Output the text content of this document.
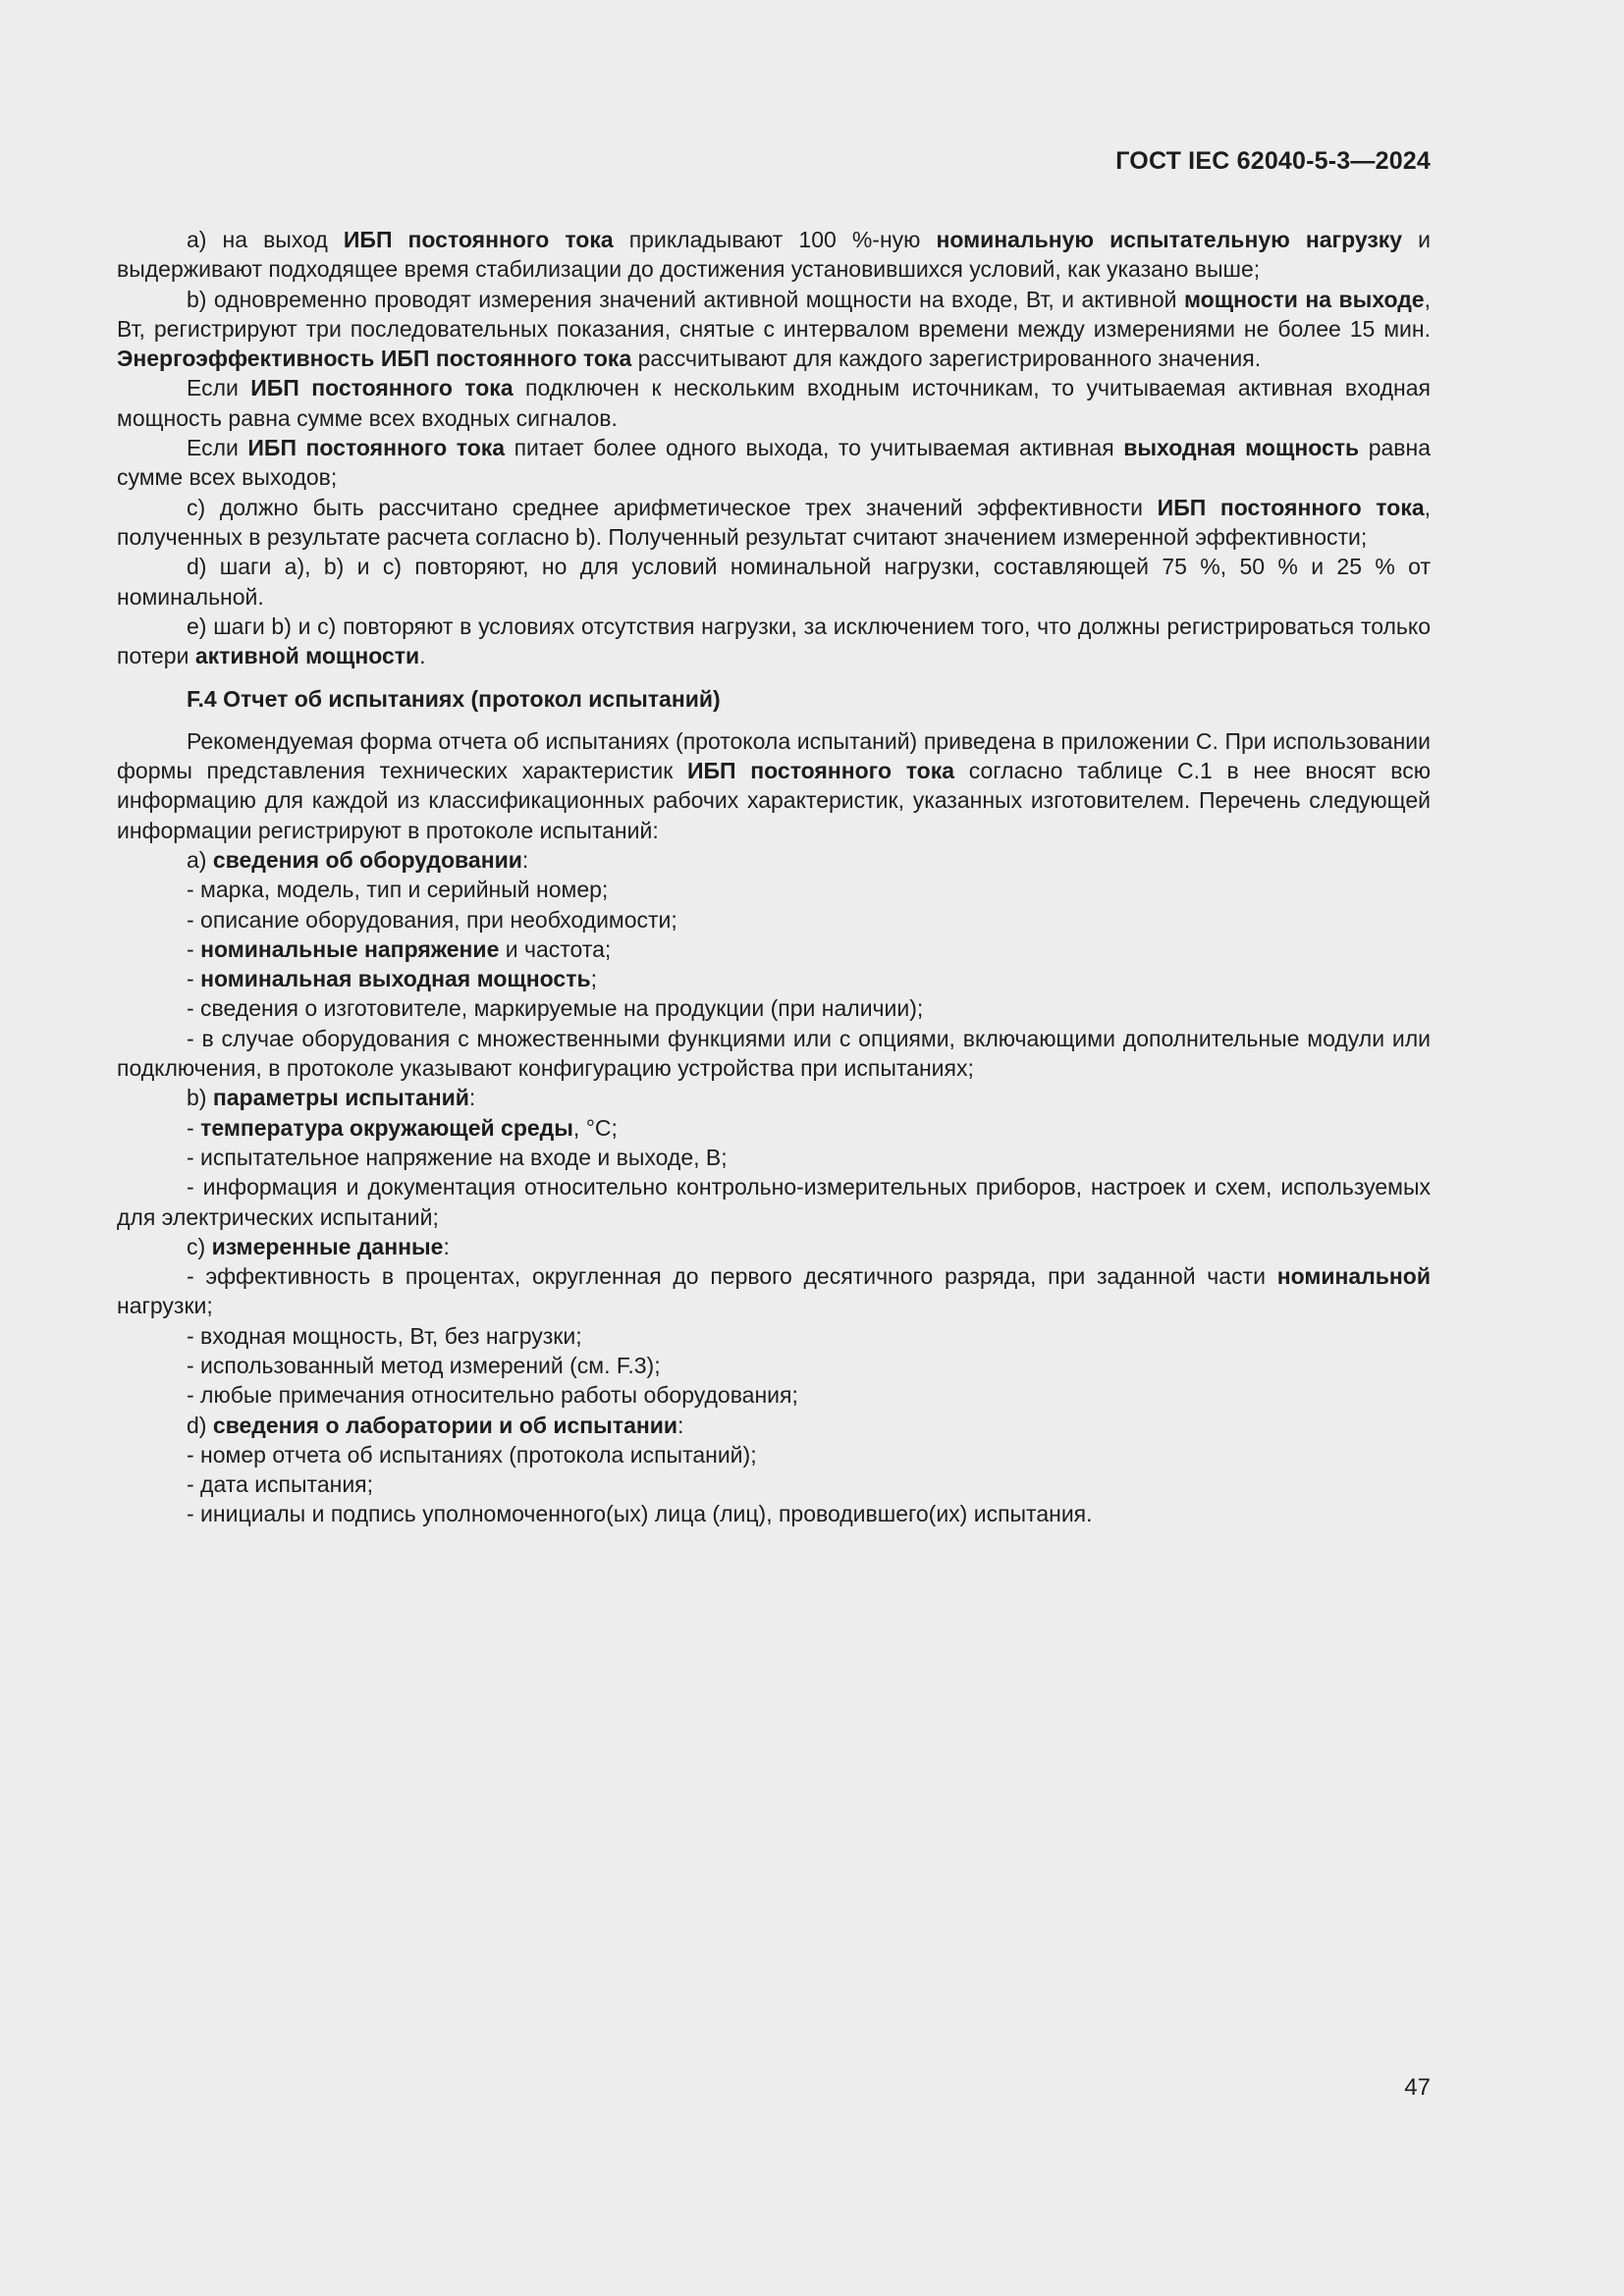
ГОСТ IEC 62040-5-3—2024

а) на выход ИБП постоянного тока прикладывают 100 %-ную номинальную испытательную нагрузку и выдерживают подходящее время стабилизации до достижения установившихся условий, как указано выше;

b) одновременно проводят измерения значений активной мощности на входе, Вт, и активной мощности на выходе, Вт, регистрируют три последовательных показания, снятые с интервалом времени между измерениями не более 15 мин. Энергоэффективность ИБП постоянного тока рассчитывают для каждого зарегистрированного значения.

Если ИБП постоянного тока подключен к нескольким входным источникам, то учитываемая активная входная мощность равна сумме всех входных сигналов.

Если ИБП постоянного тока питает более одного выхода, то учитываемая активная выходная мощность равна сумме всех выходов;

c) должно быть рассчитано среднее арифметическое трех значений эффективности ИБП постоянного тока, полученных в результате расчета согласно b). Полученный результат считают значением измеренной эффективности;

d) шаги a), b) и c) повторяют, но для условий номинальной нагрузки, составляющей 75 %, 50 % и 25 % от номинальной.

e) шаги b) и c) повторяют в условиях отсутствия нагрузки, за исключением того, что должны регистрироваться только потери активной мощности.

F.4 Отчет об испытаниях (протокол испытаний)

Рекомендуемая форма отчета об испытаниях (протокола испытаний) приведена в приложении С. При использовании формы представления технических характеристик ИБП постоянного тока согласно таблице С.1 в нее вносят всю информацию для каждой из классификационных рабочих характеристик, указанных изготовителем. Перечень следующей информации регистрируют в протоколе испытаний:

a) сведения об оборудовании:

- марка, модель, тип и серийный номер;

- описание оборудования, при необходимости;

- номинальные напряжение и частота;

- номинальная выходная мощность;

- сведения о изготовителе, маркируемые на продукции (при наличии);

- в случае оборудования с множественными функциями или с опциями, включающими дополнительные модули или подключения, в протоколе указывают конфигурацию устройства при испытаниях;

b) параметры испытаний:

- температура окружающей среды, °С;

- испытательное напряжение на входе и выходе, В;

- информация и документация относительно контрольно-измерительных приборов, настроек и схем, используемых для электрических испытаний;

c) измеренные данные:

- эффективность в процентах, округленная до первого десятичного разряда, при заданной части номинальной нагрузки;

- входная мощность, Вт, без нагрузки;

- использованный метод измерений (см. F.3);

- любые примечания относительно работы оборудования;

d) сведения о лаборатории и об испытании:

- номер отчета об испытаниях (протокола испытаний);

- дата испытания;

- инициалы и подпись уполномоченного(ых) лица (лиц), проводившего(их) испытания.

47
